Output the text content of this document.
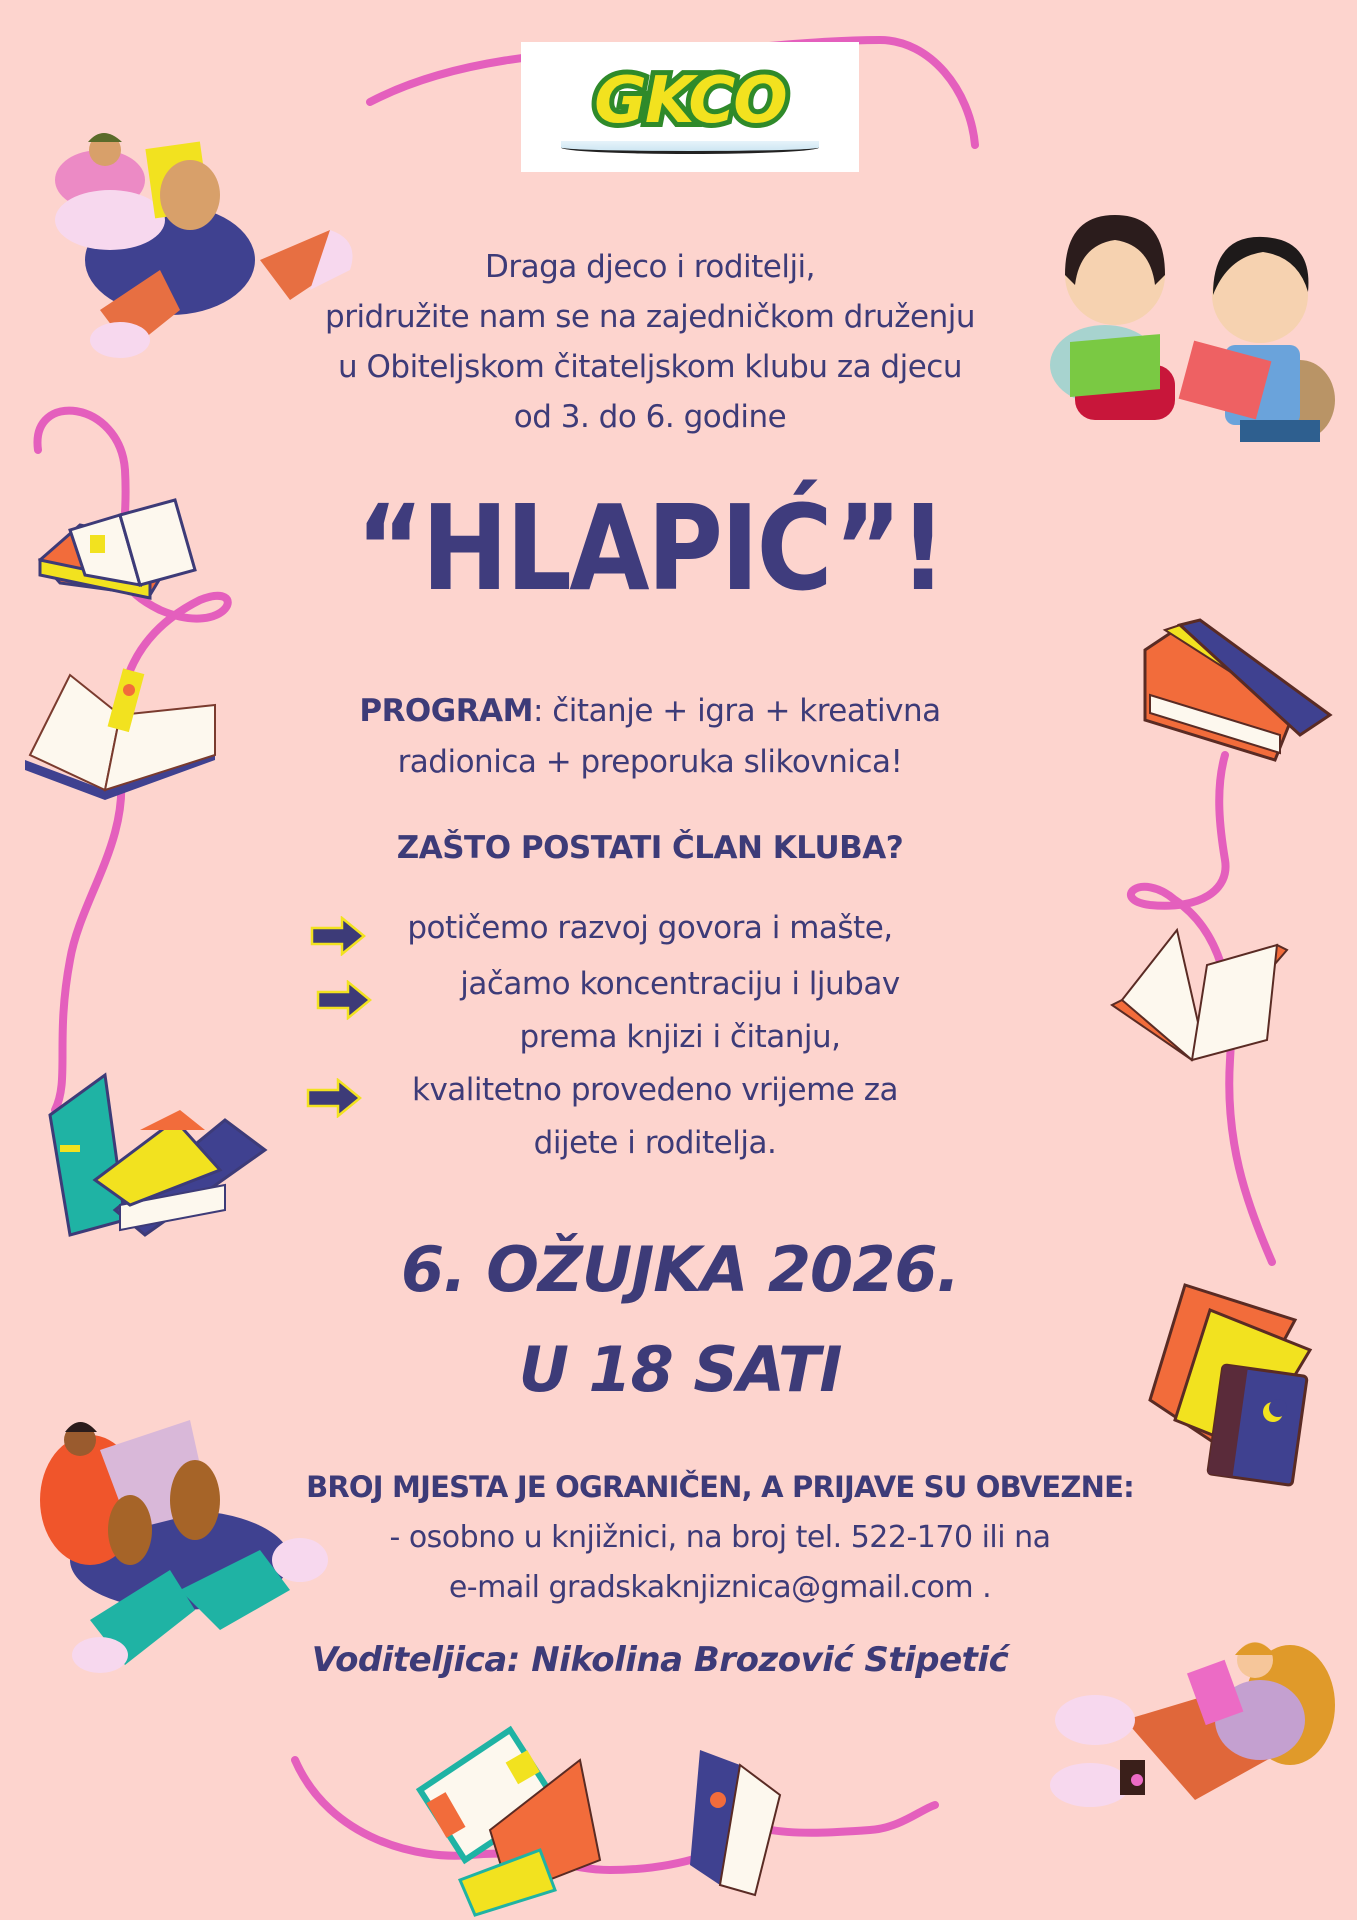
GKCO
Draga djeco i roditelji,
pridružite nam se na zajedničkom druženju
u Obiteljskom čitateljskom klubu za djecu
od 3. do 6. godine
“HLAPIĆ”!
PROGRAM: čitanje + igra + kreativna
radionica + preporuka slikovnica!
ZAŠTO POSTATI ČLAN KLUBA?
potičemo razvoj govora i mašte,
jačamo koncentraciju i ljubav
prema knjizi i čitanju,
kvalitetno provedeno vrijeme za
dijete i roditelja.
6. OŽUJKA 2026.
U 18 SATI
BROJ MJESTA JE OGRANIČEN, A PRIJAVE SU OBVEZNE:
- osobno u knjižnici, na broj tel. 522-170 ili na
e-mail gradskaknjiznica@gmail.com .
Voditeljica: Nikolina Brozović Stipetić
